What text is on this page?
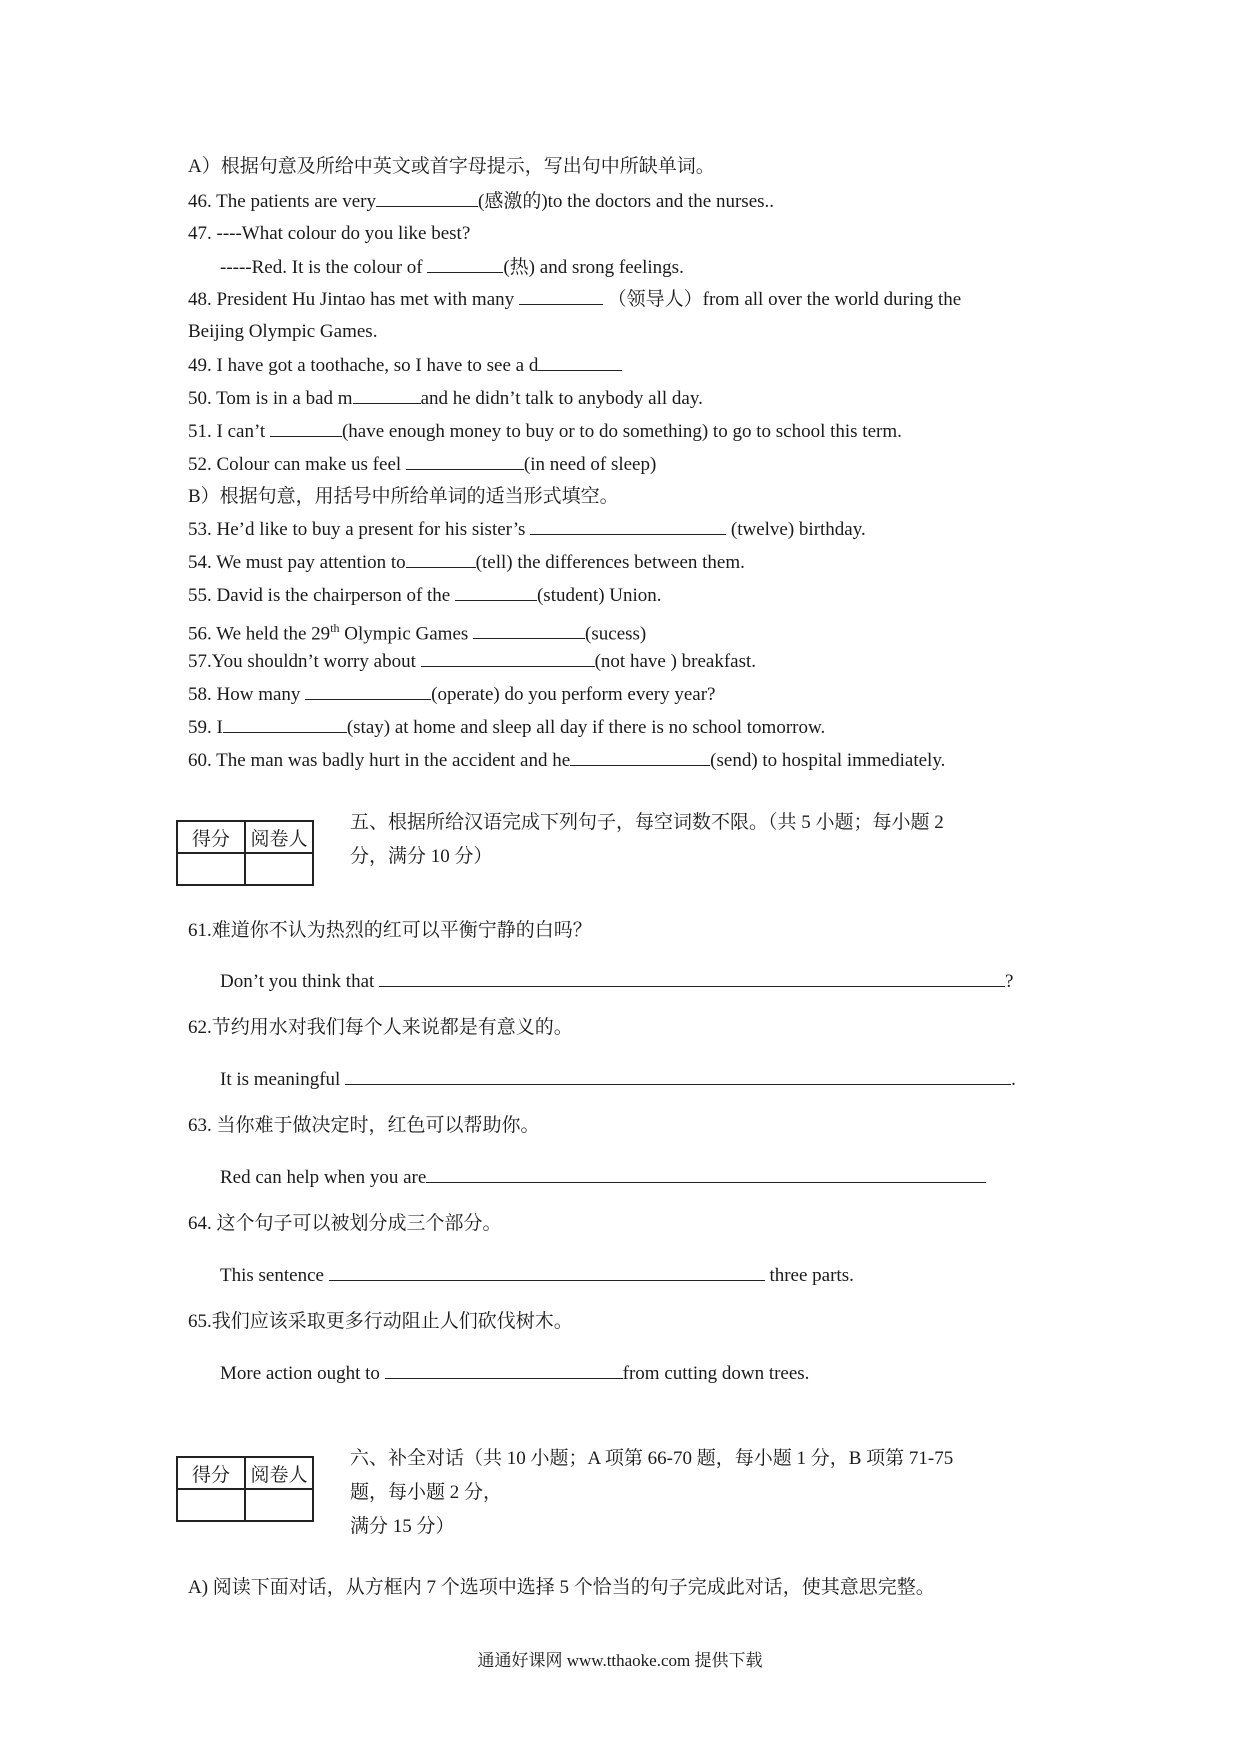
A）根据句意及所给中英文或首字母提示，写出句中所缺单词。
46. The patients are very	(感激的)to the doctors and the nurses..
47. ----What colour do you like best?
-----Red. It is the colour of	(热) and srong feelings.
48. President Hu Jintao has met with many	（领导人）from all over the world during the
Beijing Olympic Games.
49. I have got a toothache, so I have to see a d
50. Tom is in a bad m	and he didn’t talk to anybody all day.
51. I can’t	(have enough money to buy or to do something) to go to school this term.
52. Colour can make us feel	(in need of sleep)
B）根据句意，用括号中所给单词的适当形式填空。
53. He’d like to buy a present for his sister’s	(twelve) birthday.
54. We must pay attention to	(tell) the differences between them.
55. David is the chairperson of the	(student) Union.
56. We held the 29th Olympic Games	(sucess)
57.You shouldn’t worry about	(not have ) breakfast.
58. How many	(operate) do you perform every year?
59. I	(stay) at home and sleep all day if there is no school tomorrow.
60. The man was badly hurt in the accident and he	(send) to hospital immediately.
得分	阅卷人

五、根据所给汉语完成下列句子，每空词数不限。（共 5 小题；每小题 2
分，满分 10 分）
61.难道你不认为热烈的红可以平衡宁静的白吗？
Don’t you think that	?
62.节约用水对我们每个人来说都是有意义的。
It is meaningful	.
63. 当你难于做决定时，红色可以帮助你。
Red can help when you are
64. 这个句子可以被划分成三个部分。
This sentence	three parts.
65.我们应该采取更多行动阻止人们砍伐树木。
More action ought to	from cutting down trees.
得分	阅卷人

六、补全对话（共 10 小题；A 项第 66-70 题，每小题 1 分，B 项第 71-75
题，每小题 2 分，
满分 15 分）
A) 阅读下面对话，从方框内 7 个选项中选择 5 个恰当的句子完成此对话，使其意思完整。
通通好课网 www.tthaoke.com 提供下载
